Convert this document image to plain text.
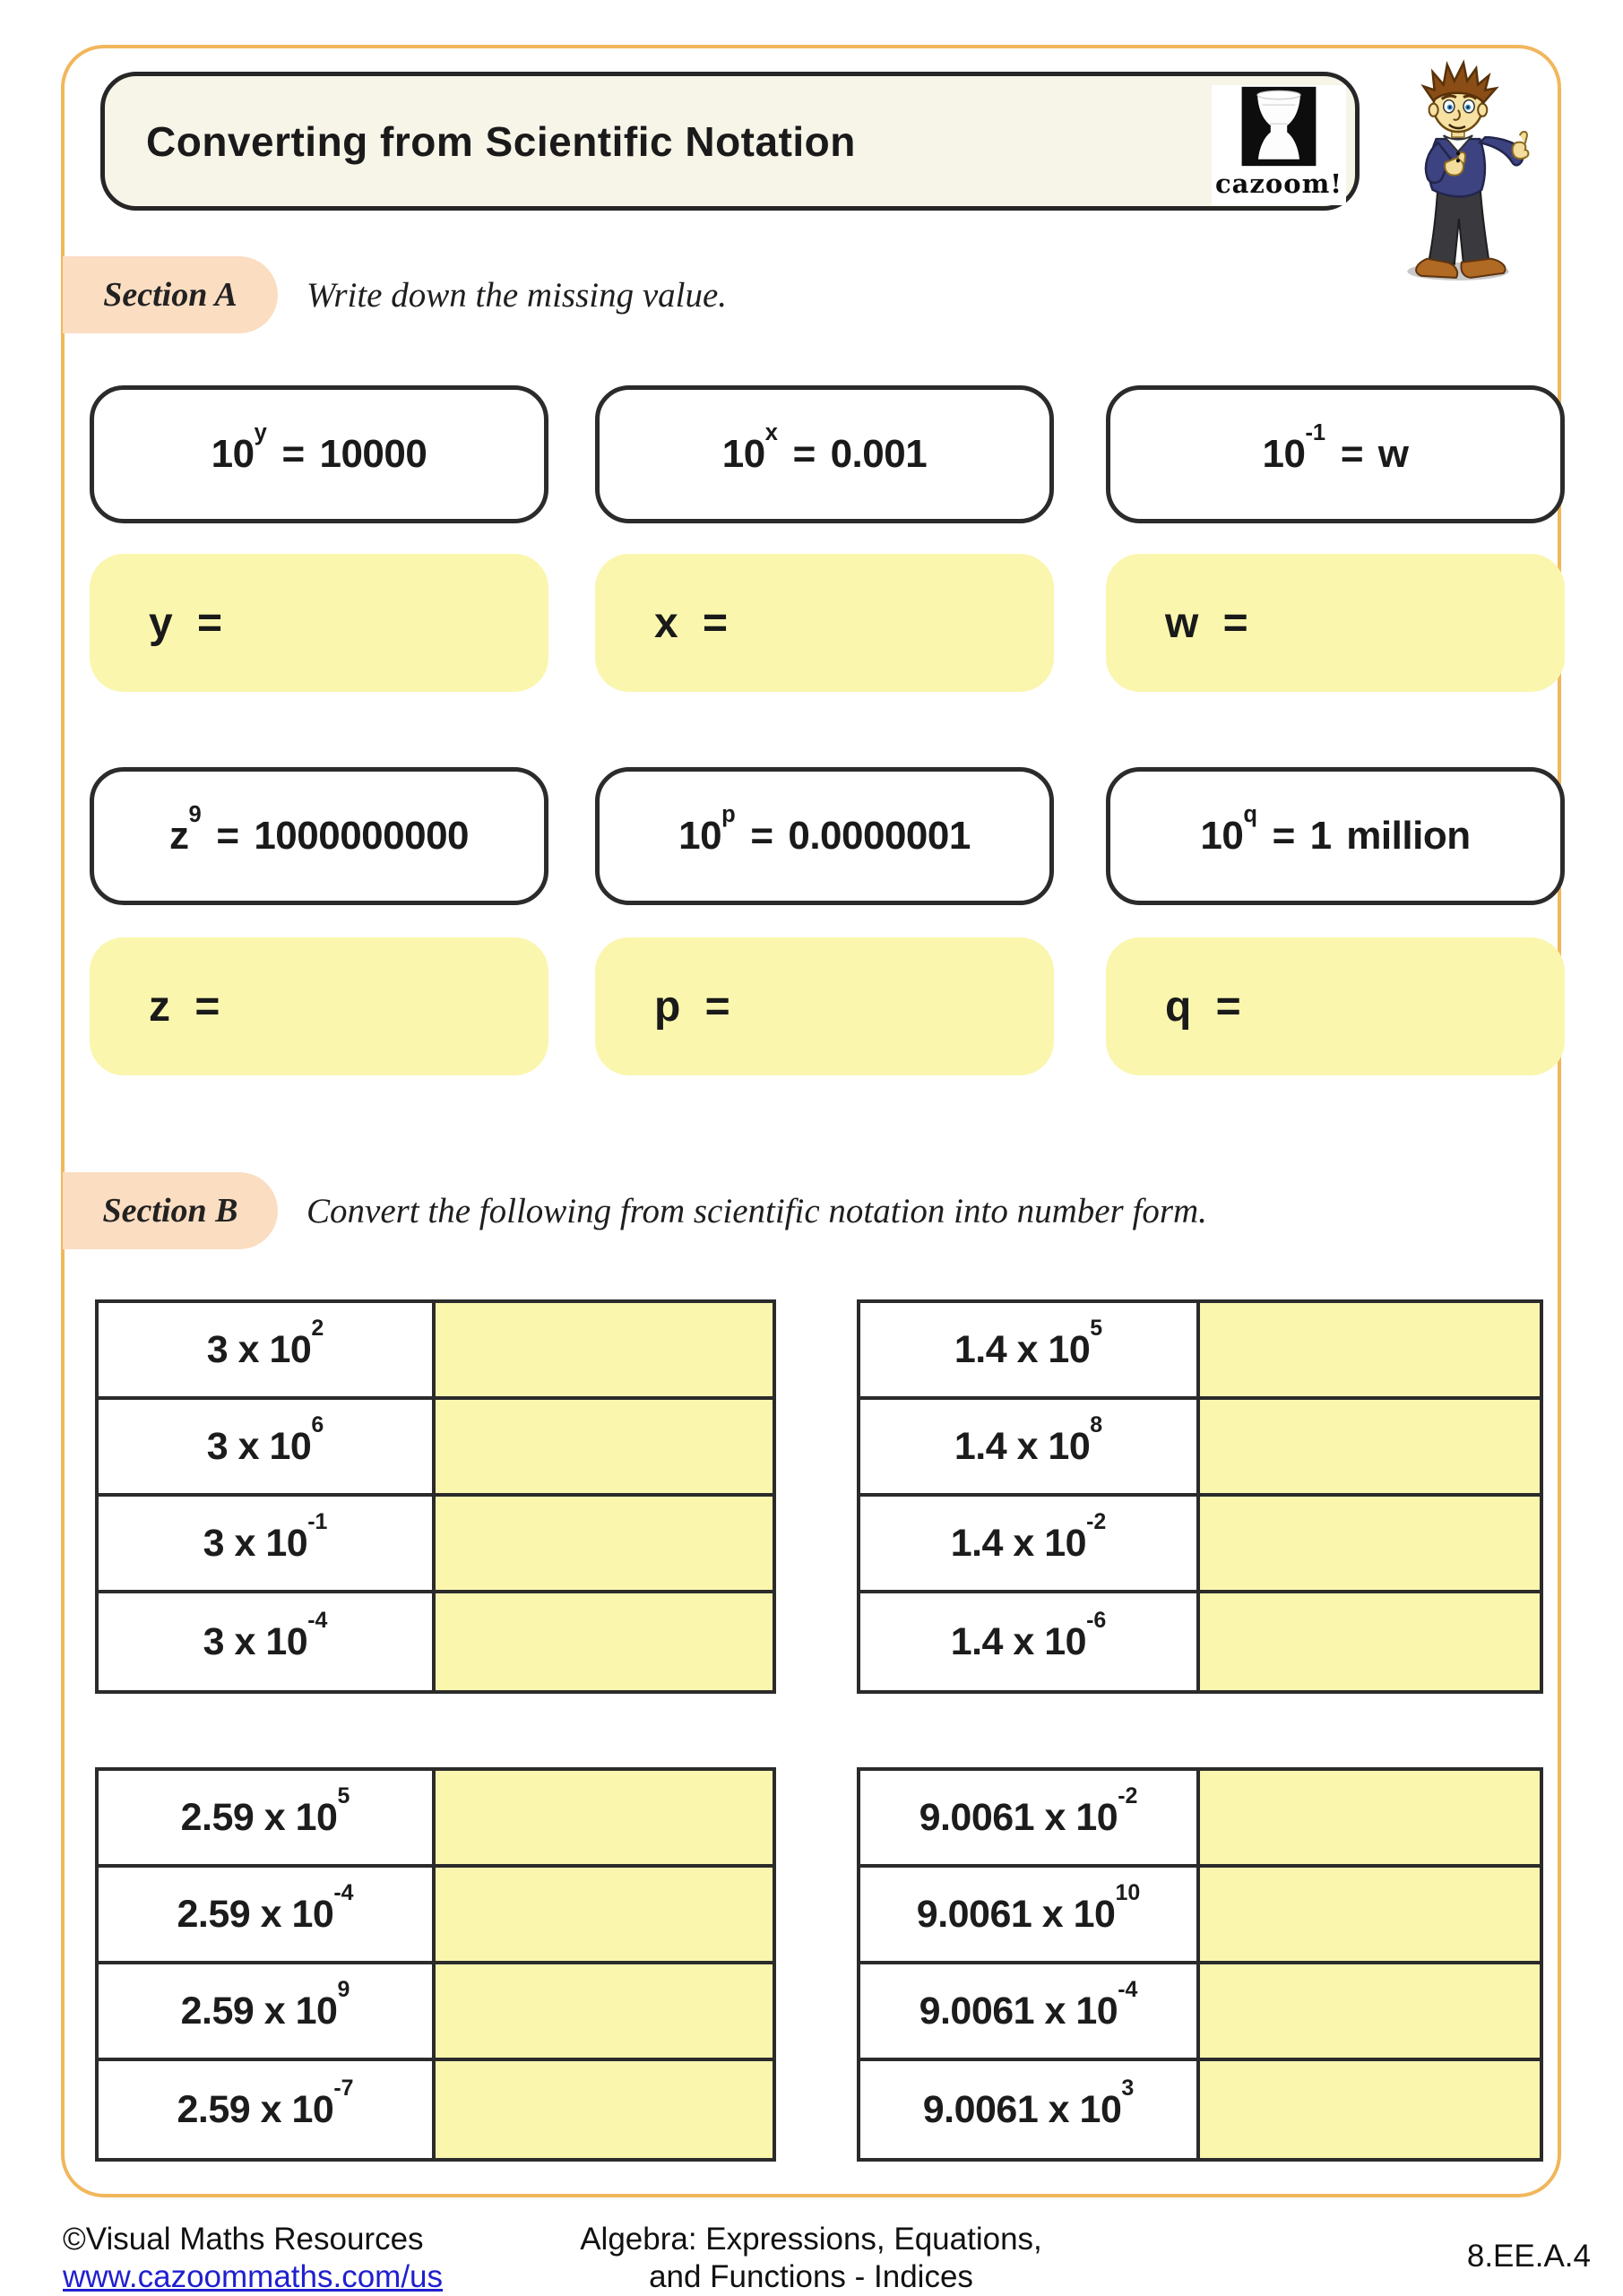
Converting from Scientific Notation
cazoom!
Section A	Write down the missing value.
$10^y = 10000$	$10^x = 0.001$	$10^{-1} = w$
y =	x =	w =
$z^9 = 1000000000$	$10^p = 0.0000001$	$10^q = 1$ million
z =	p =	q =
Section B	Convert the following from scientific notation into number form.
3 x $10^2$
3 x $10^6$
3 x $10^{-1}$
3 x $10^{-4}$
1.4 x $10^5$
1.4 x $10^8$
1.4 x $10^{-2}$
1.4 x $10^{-6}$
2.59 x $10^5$
2.59 x $10^{-4}$
2.59 x $10^9$
2.59 x $10^{-7}$
9.0061 x $10^{-2}$
9.0061 x $10^{10}$
9.0061 x $10^{-4}$
9.0061 x $10^3$
©Visual Maths Resources
www.cazoommaths.com/us
Algebra: Expressions, Equations,
and Functions - Indices
8.EE.A.4
